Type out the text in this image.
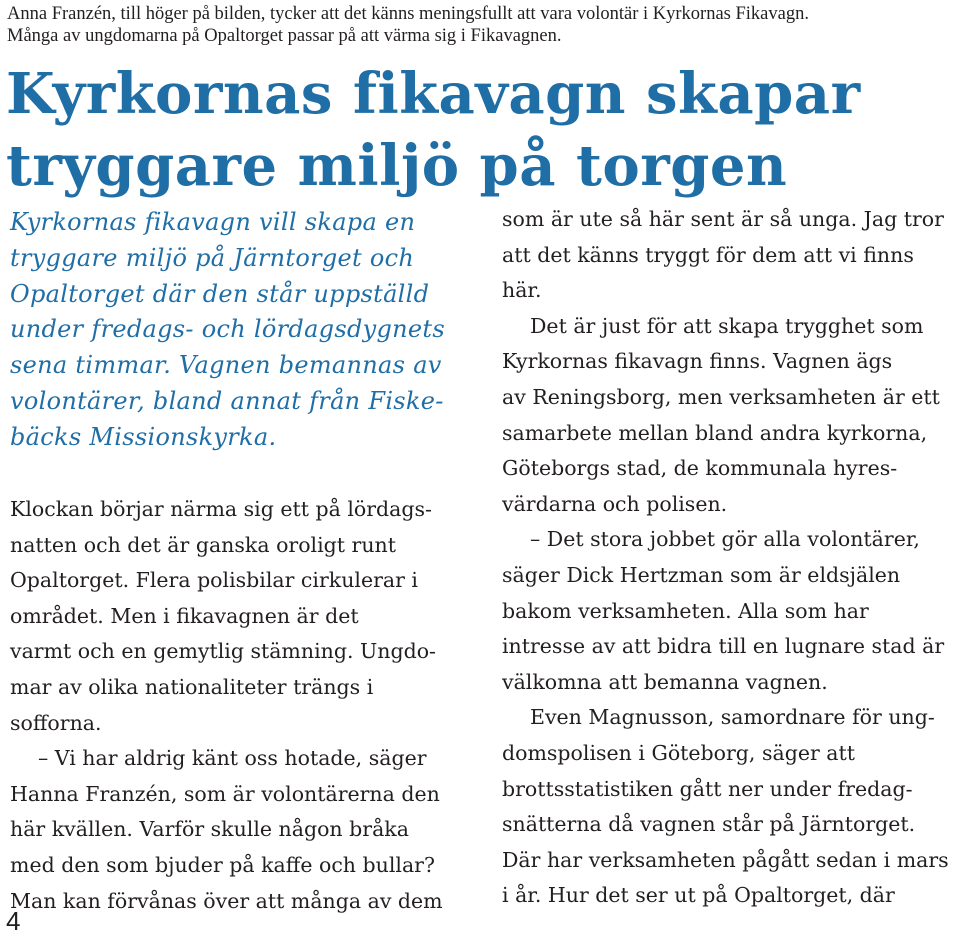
Anna Franzén, till höger på bilden, tycker att det känns meningsfullt att vara volontär i Kyrkornas Fikavagn.
Många av ungdomarna på Opaltorget passar på att värma sig i Fikavagnen.
Kyrkornas fikavagn skapar
tryggare miljö på torgen
Kyrkornas fikavagn vill skapa en
tryggare miljö på Järntorget och
Opaltorget där den står uppställd
under fredags- och lördagsdygnets
sena timmar. Vagnen bemannas av
volontärer, bland annat från Fiske-
bäcks Missionskyrka.
Klockan börjar närma sig ett på lördags-
natten och det är ganska oroligt runt
Opaltorget. Flera polisbilar cirkulerar i
området. Men i fikavagnen är det
varmt och en gemytlig stämning. Ungdo-
mar av olika nationaliteter trängs i
sofforna.
– Vi har aldrig känt oss hotade, säger
Hanna Franzén, som är volontärerna den
här kvällen. Varför skulle någon bråka
med den som bjuder på kaffe och bullar?
Man kan förvånas över att många av dem
som är ute så här sent är så unga. Jag tror
att det känns tryggt för dem att vi finns
här.
Det är just för att skapa trygghet som
Kyrkornas fikavagn finns. Vagnen ägs
av Reningsborg, men verksamheten är ett
samarbete mellan bland andra kyrkorna,
Göteborgs stad, de kommunala hyres-
värdarna och polisen.
– Det stora jobbet gör alla volontärer,
säger Dick Hertzman som är eldsjälen
bakom verksamheten. Alla som har
intresse av att bidra till en lugnare stad är
välkomna att bemanna vagnen.
Even Magnusson, samordnare för ung-
domspolisen i Göteborg, säger att
brottsstatistiken gått ner under fredag-
snätterna då vagnen står på Järntorget.
Där har verksamheten pågått sedan i mars
i år. Hur det ser ut på Opaltorget, där
4
